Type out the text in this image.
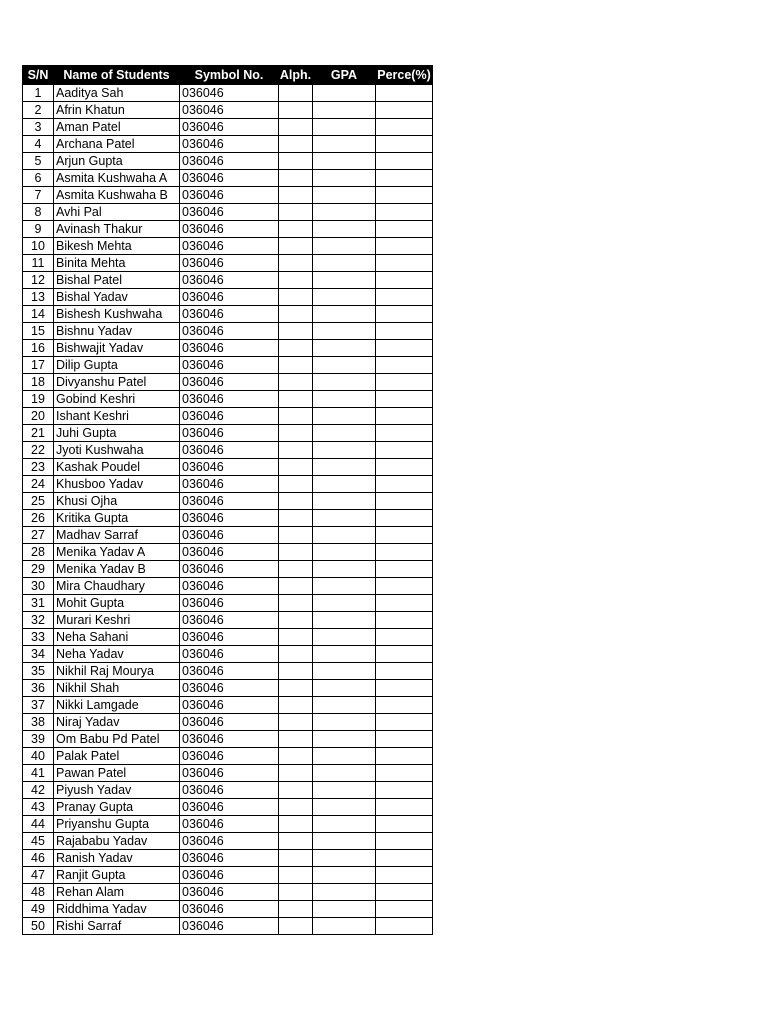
S/N	Name of Students	Symbol No.	Alph.	GPA	Perce(%)
1	Aaditya Sah	036046			
2	Afrin Khatun	036046			
3	Aman Patel	036046			
4	Archana Patel	036046			
5	Arjun Gupta	036046			
6	Asmita Kushwaha A	036046			
7	Asmita Kushwaha B	036046			
8	Avhi Pal	036046			
9	Avinash Thakur	036046			
10	Bikesh Mehta	036046			
11	Binita Mehta	036046			
12	Bishal Patel	036046			
13	Bishal Yadav	036046			
14	Bishesh Kushwaha	036046			
15	Bishnu Yadav	036046			
16	Bishwajit Yadav	036046			
17	Dilip Gupta	036046			
18	Divyanshu Patel	036046			
19	Gobind Keshri	036046			
20	Ishant Keshri	036046			
21	Juhi Gupta	036046			
22	Jyoti Kushwaha	036046			
23	Kashak Poudel	036046			
24	Khusboo Yadav	036046			
25	Khusi Ojha	036046			
26	Kritika Gupta	036046			
27	Madhav Sarraf	036046			
28	Menika Yadav A	036046			
29	Menika Yadav B	036046			
30	Mira Chaudhary	036046			
31	Mohit Gupta	036046			
32	Murari Keshri	036046			
33	Neha Sahani	036046			
34	Neha Yadav	036046			
35	Nikhil Raj Mourya	036046			
36	Nikhil Shah	036046			
37	Nikki Lamgade	036046			
38	Niraj Yadav	036046			
39	Om Babu Pd Patel	036046			
40	Palak Patel	036046			
41	Pawan Patel	036046			
42	Piyush Yadav	036046			
43	Pranay Gupta	036046			
44	Priyanshu Gupta	036046			
45	Rajababu Yadav	036046			
46	Ranish Yadav	036046			
47	Ranjit Gupta	036046			
48	Rehan Alam	036046			
49	Riddhima Yadav	036046			
50	Rishi Sarraf	036046			
